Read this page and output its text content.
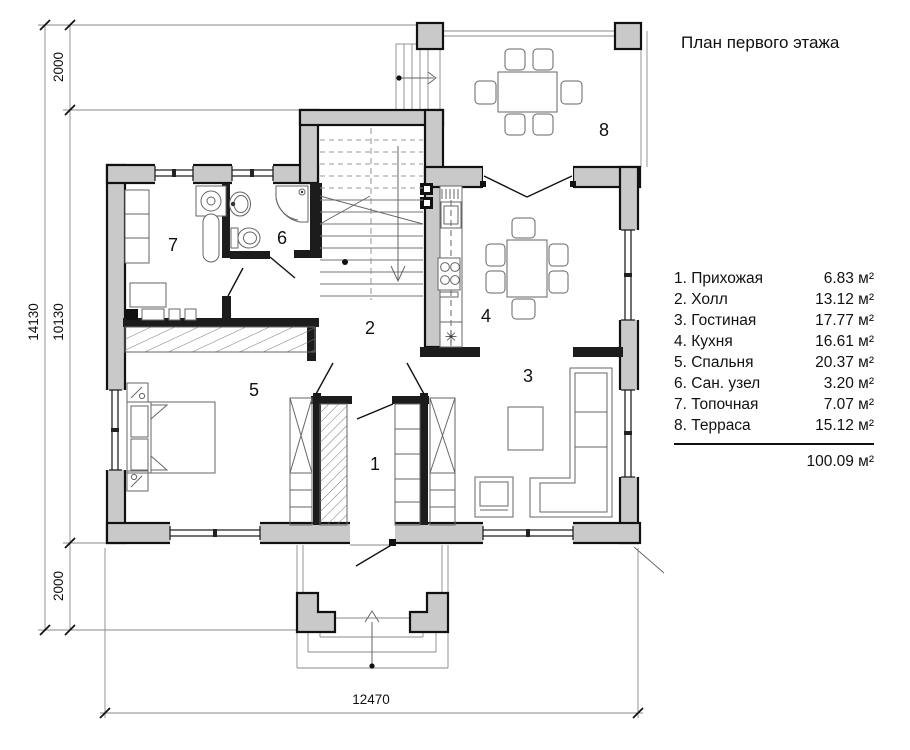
2000
10130
14130
2000
12470
✳
1
2
3
4
5
6
7
8
План первого этажа
1. Прихожая	6.83 м²
2. Холл	13.12 м²
3. Гостиная	17.77 м²
4. Кухня	16.61 м²
5. Спальня	20.37 м²
6. Сан. узел	3.20 м²
7. Топочная	7.07 м²
8. Терраса	15.12 м²
100.09 м²
